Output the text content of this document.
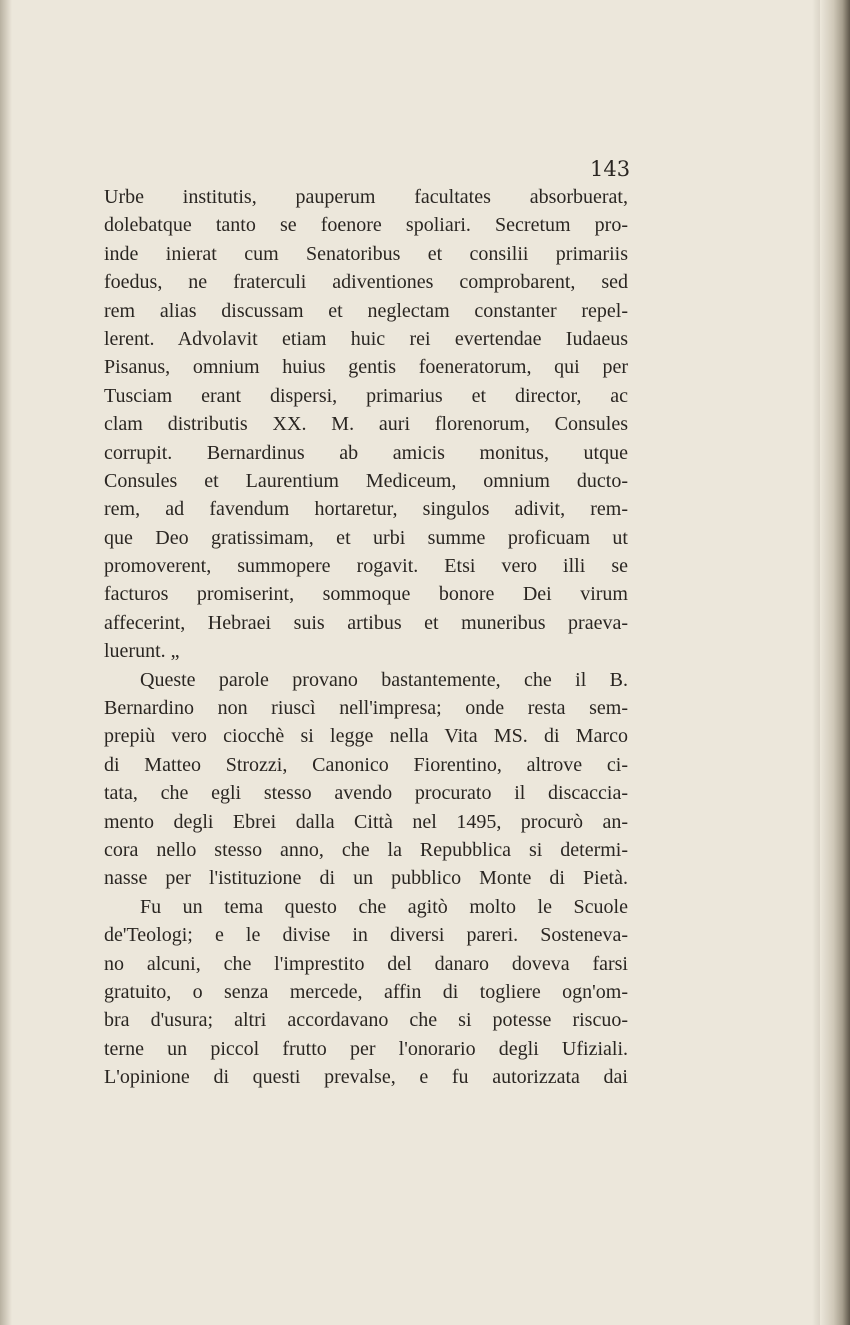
143
Urbe institutis, pauperum facultates absorbuerat,
dolebatque tanto se foenore spoliari. Secretum pro-
inde inierat cum Senatoribus et consilii primariis
foedus, ne fraterculi adiventiones comprobarent, sed
rem alias discussam et neglectam constanter repel-
lerent. Advolavit etiam huic rei evertendae Iudaeus
Pisanus, omnium huius gentis foeneratorum, qui per
Tusciam erant dispersi, primarius et director, ac
clam distributis XX. M. auri florenorum, Consules
corrupit. Bernardinus ab amicis monitus, utque
Consules et Laurentium Mediceum, omnium ducto-
rem, ad favendum hortaretur, singulos adivit, rem-
que Deo gratissimam, et urbi summe proficuam ut
promoverent, summopere rogavit. Etsi vero illi se
facturos promiserint, sommoque bonore Dei virum
affecerint, Hebraei suis artibus et muneribus praeva-
luerunt. „
Queste parole provano bastantemente, che il B.
Bernardino non riuscì nell'impresa; onde resta sem-
prepiù vero ciocchè si legge nella Vita MS. di Marco
di Matteo Strozzi, Canonico Fiorentino, altrove ci-
tata, che egli stesso avendo procurato il discaccia-
mento degli Ebrei dalla Città nel 1495, procurò an-
cora nello stesso anno, che la Repubblica si determi-
nasse per l'istituzione di un pubblico Monte di Pietà.
Fu un tema questo che agitò molto le Scuole
de'Teologi; e le divise in diversi pareri. Sosteneva-
no alcuni, che l'imprestito del danaro doveva farsi
gratuito, o senza mercede, affin di togliere ogn'om-
bra d'usura; altri accordavano che si potesse riscuo-
terne un piccol frutto per l'onorario degli Ufiziali.
L'opinione di questi prevalse, e fu autorizzata dai
